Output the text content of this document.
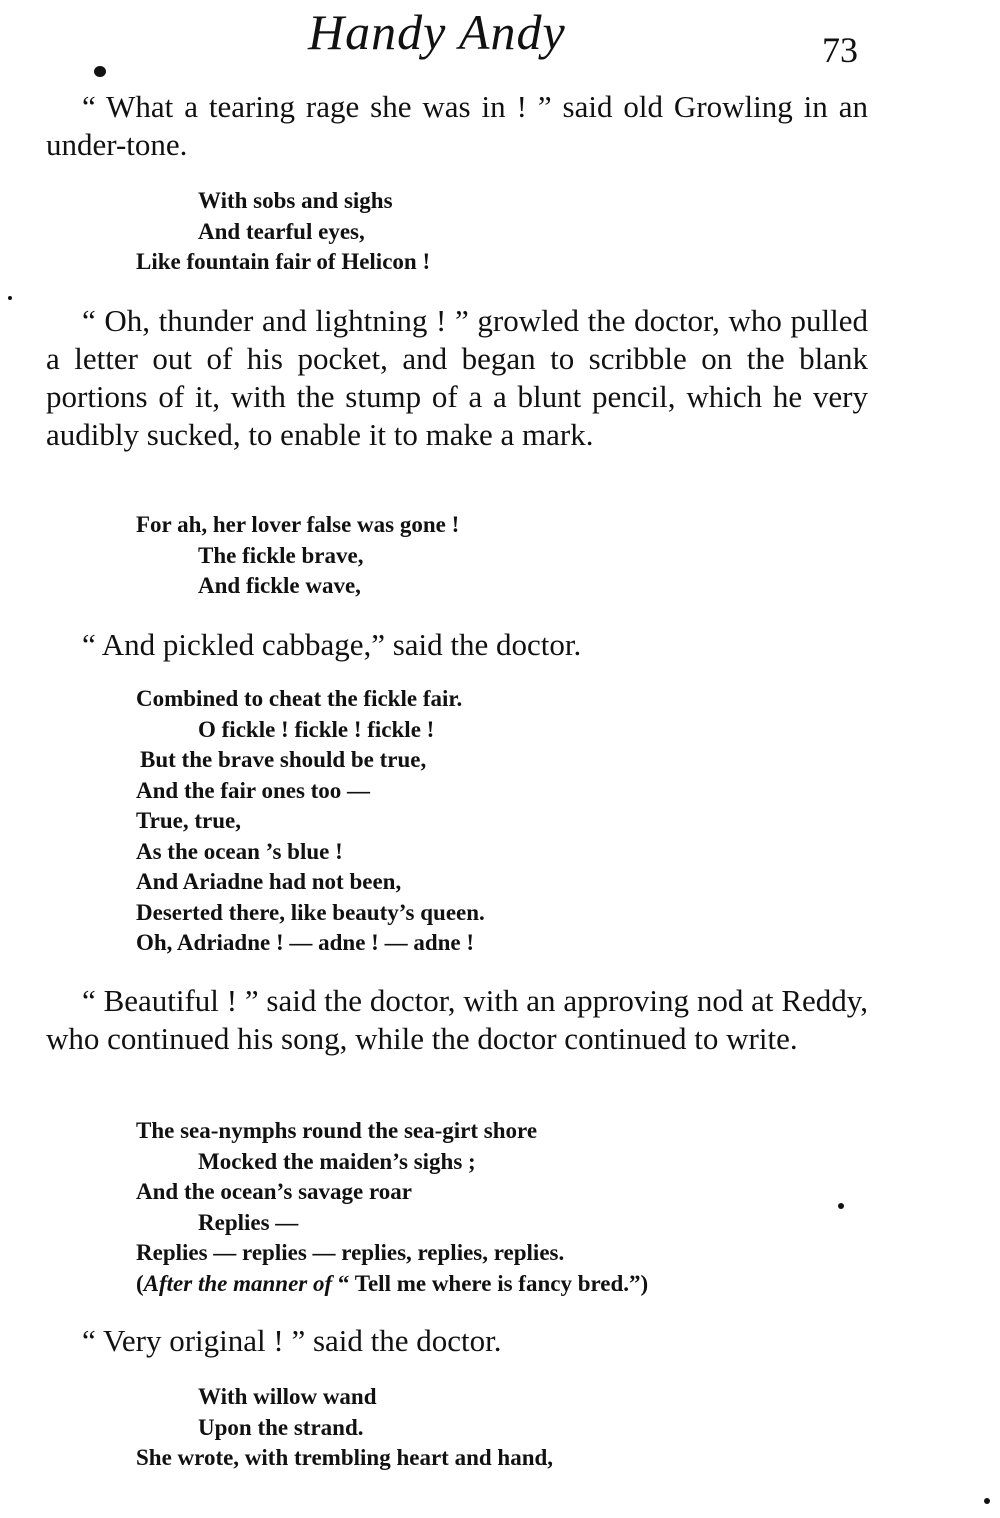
Handy Andy	73

“ What a tearing rage she was in ! ” said old Growling in an under-tone.

With sobs and sighs
And tearful eyes,
Like fountain fair of Helicon !

“ Oh, thunder and lightning ! ” growled the doctor, who pulled a letter out of his pocket, and began to scribble on the blank portions of it, with the stump of a a blunt pencil, which he very audibly sucked, to enable it to make a mark.

For ah, her lover false was gone !
The fickle brave,
And fickle wave,

“ And pickled cabbage,” said the doctor.

Combined to cheat the fickle fair.
O fickle ! fickle ! fickle !
But the brave should be true,
And the fair ones too —
True, true,
As the ocean ’s blue !
And Ariadne had not been,
Deserted there, like beauty’s queen.
Oh, Adriadne ! — adne ! — adne !

“ Beautiful ! ” said the doctor, with an approving nod at Reddy, who continued his song, while the doctor continued to write.

The sea-nymphs round the sea-girt shore
Mocked the maiden’s sighs ;
And the ocean’s savage roar
Replies —
Replies — replies — replies, replies, replies.
(After the manner of “ Tell me where is fancy bred.”)

“ Very original ! ” said the doctor.

With willow wand
Upon the strand.
She wrote, with trembling heart and hand,
